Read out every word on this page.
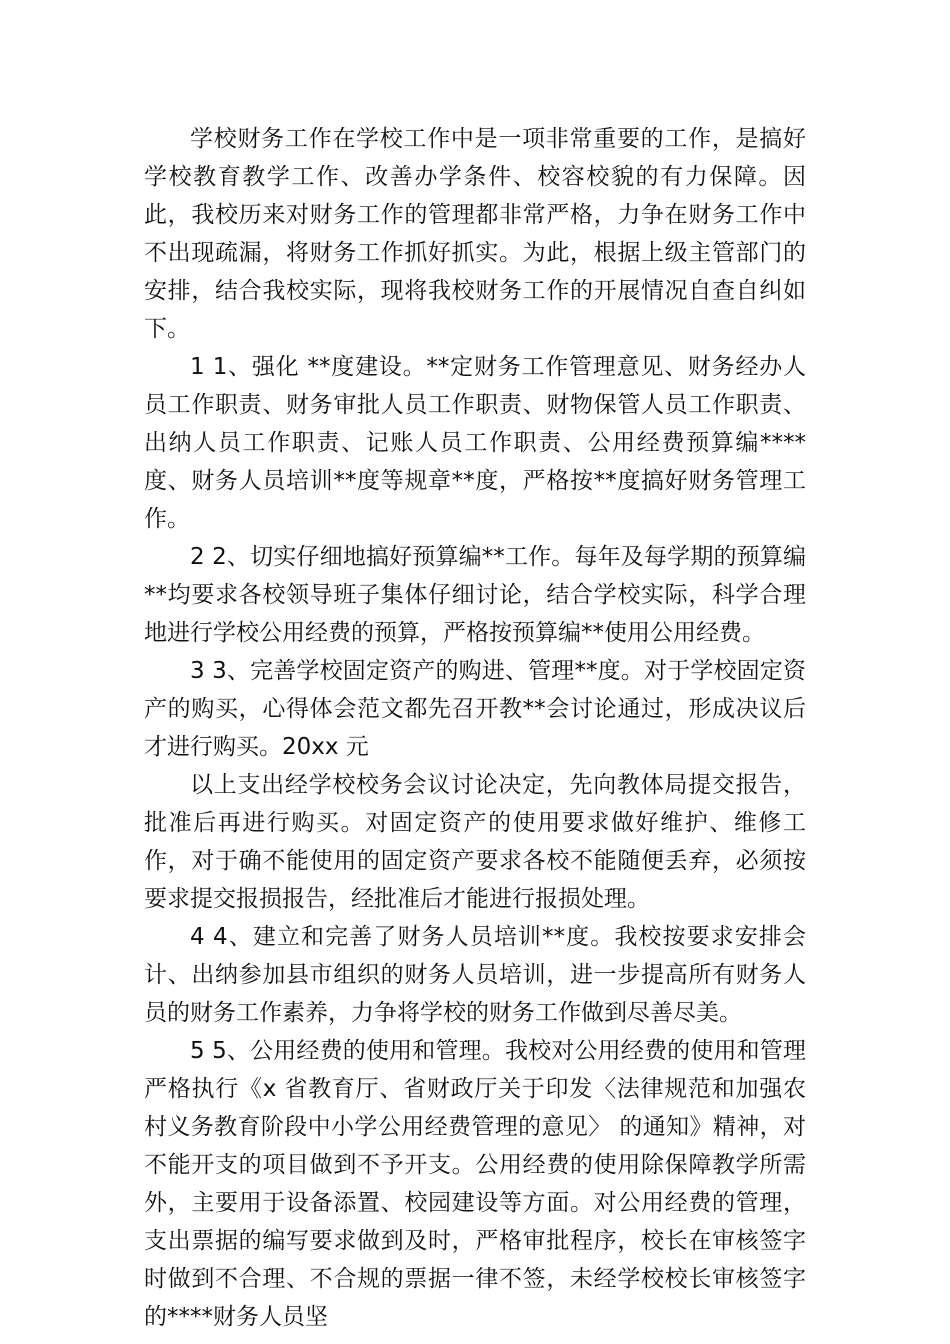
学校财务工作在学校工作中是一项非常重要的工作，是搞好学校教育教学工作、改善办学条件、校容校貌的有力保障。因此，我校历来对财务工作的管理都非常严格，力争在财务工作中不出现疏漏，将财务工作抓好抓实。为此，根据上级主管部门的安排，结合我校实际，现将我校财务工作的开展情况自查自纠如下。

1 1、强化 **度建设。**定财务工作管理意见、财务经办人员工作职责、财务审批人员工作职责、财物保管人员工作职责、出纳人员工作职责、记账人员工作职责、公用经费预算编****度、财务人员培训**度等规章**度，严格按**度搞好财务管理工作。

2 2、切实仔细地搞好预算编**工作。每年及每学期的预算编**均要求各校领导班子集体仔细讨论，结合学校实际，科学合理地进行学校公用经费的预算，严格按预算编**使用公用经费。

3 3、完善学校固定资产的购进、管理**度。对于学校固定资产的购买，心得体会范文都先召开教**会讨论通过，形成决议后才进行购买。20xx 元

以上支出经学校校务会议讨论决定，先向教体局提交报告，批准后再进行购买。对固定资产的使用要求做好维护、维修工作，对于确不能使用的固定资产要求各校不能随便丢弃，必须按要求提交报损报告，经批准后才能进行报损处理。

4 4、建立和完善了财务人员培训**度。我校按要求安排会计、出纳参加县市组织的财务人员培训，进一步提高所有财务人员的财务工作素养，力争将学校的财务工作做到尽善尽美。

5 5、公用经费的使用和管理。我校对公用经费的使用和管理严格执行《x 省教育厅、省财政厅关于印发〈法律规范和加强农村义务教育阶段中小学公用经费管理的意见〉 的通知》精神，对不能开支的项目做到不予开支。公用经费的使用除保障教学所需外，主要用于设备添置、校园建设等方面。对公用经费的管理，支出票据的编写要求做到及时，严格审批程序，校长在审核签字时做到不合理、不合规的票据一律不签，未经学校校长审核签字的****财务人员坚
